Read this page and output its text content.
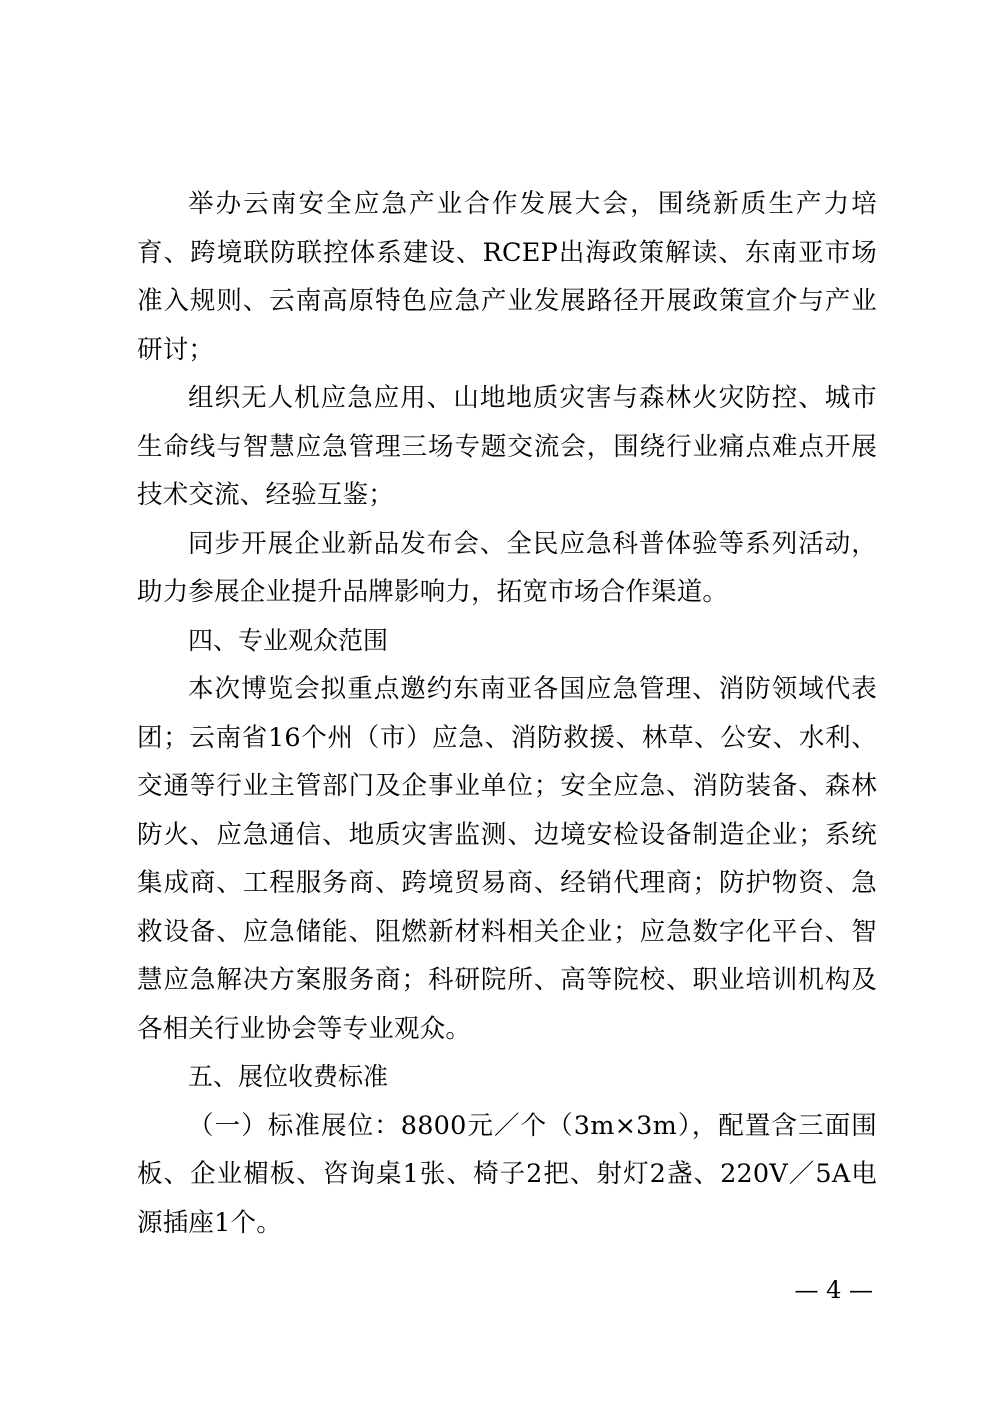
举办云南安全应急产业合作发展大会，围绕新质生产力培育、跨境联防联控体系建设、RCEP出海政策解读、东南亚市场准入规则、云南高原特色应急产业发展路径开展政策宣介与产业研讨；

组织无人机应急应用、山地地质灾害与森林火灾防控、城市生命线与智慧应急管理三场专题交流会，围绕行业痛点难点开展技术交流、经验互鉴；

同步开展企业新品发布会、全民应急科普体验等系列活动，助力参展企业提升品牌影响力，拓宽市场合作渠道。

四、专业观众范围

本次博览会拟重点邀约东南亚各国应急管理、消防领域代表团；云南省16个州（市）应急、消防救援、林草、公安、水利、交通等行业主管部门及企事业单位；安全应急、消防装备、森林防火、应急通信、地质灾害监测、边境安检设备制造企业；系统集成商、工程服务商、跨境贸易商、经销代理商；防护物资、急救设备、应急储能、阻燃新材料相关企业；应急数字化平台、智慧应急解决方案服务商；科研院所、高等院校、职业培训机构及各相关行业协会等专业观众。

五、展位收费标准

（一）标准展位：8800元／个（3m×3m），配置含三面围板、企业楣板、咨询桌1张、椅子2把、射灯2盏、220V／5A电源插座1个。

— 4 —
